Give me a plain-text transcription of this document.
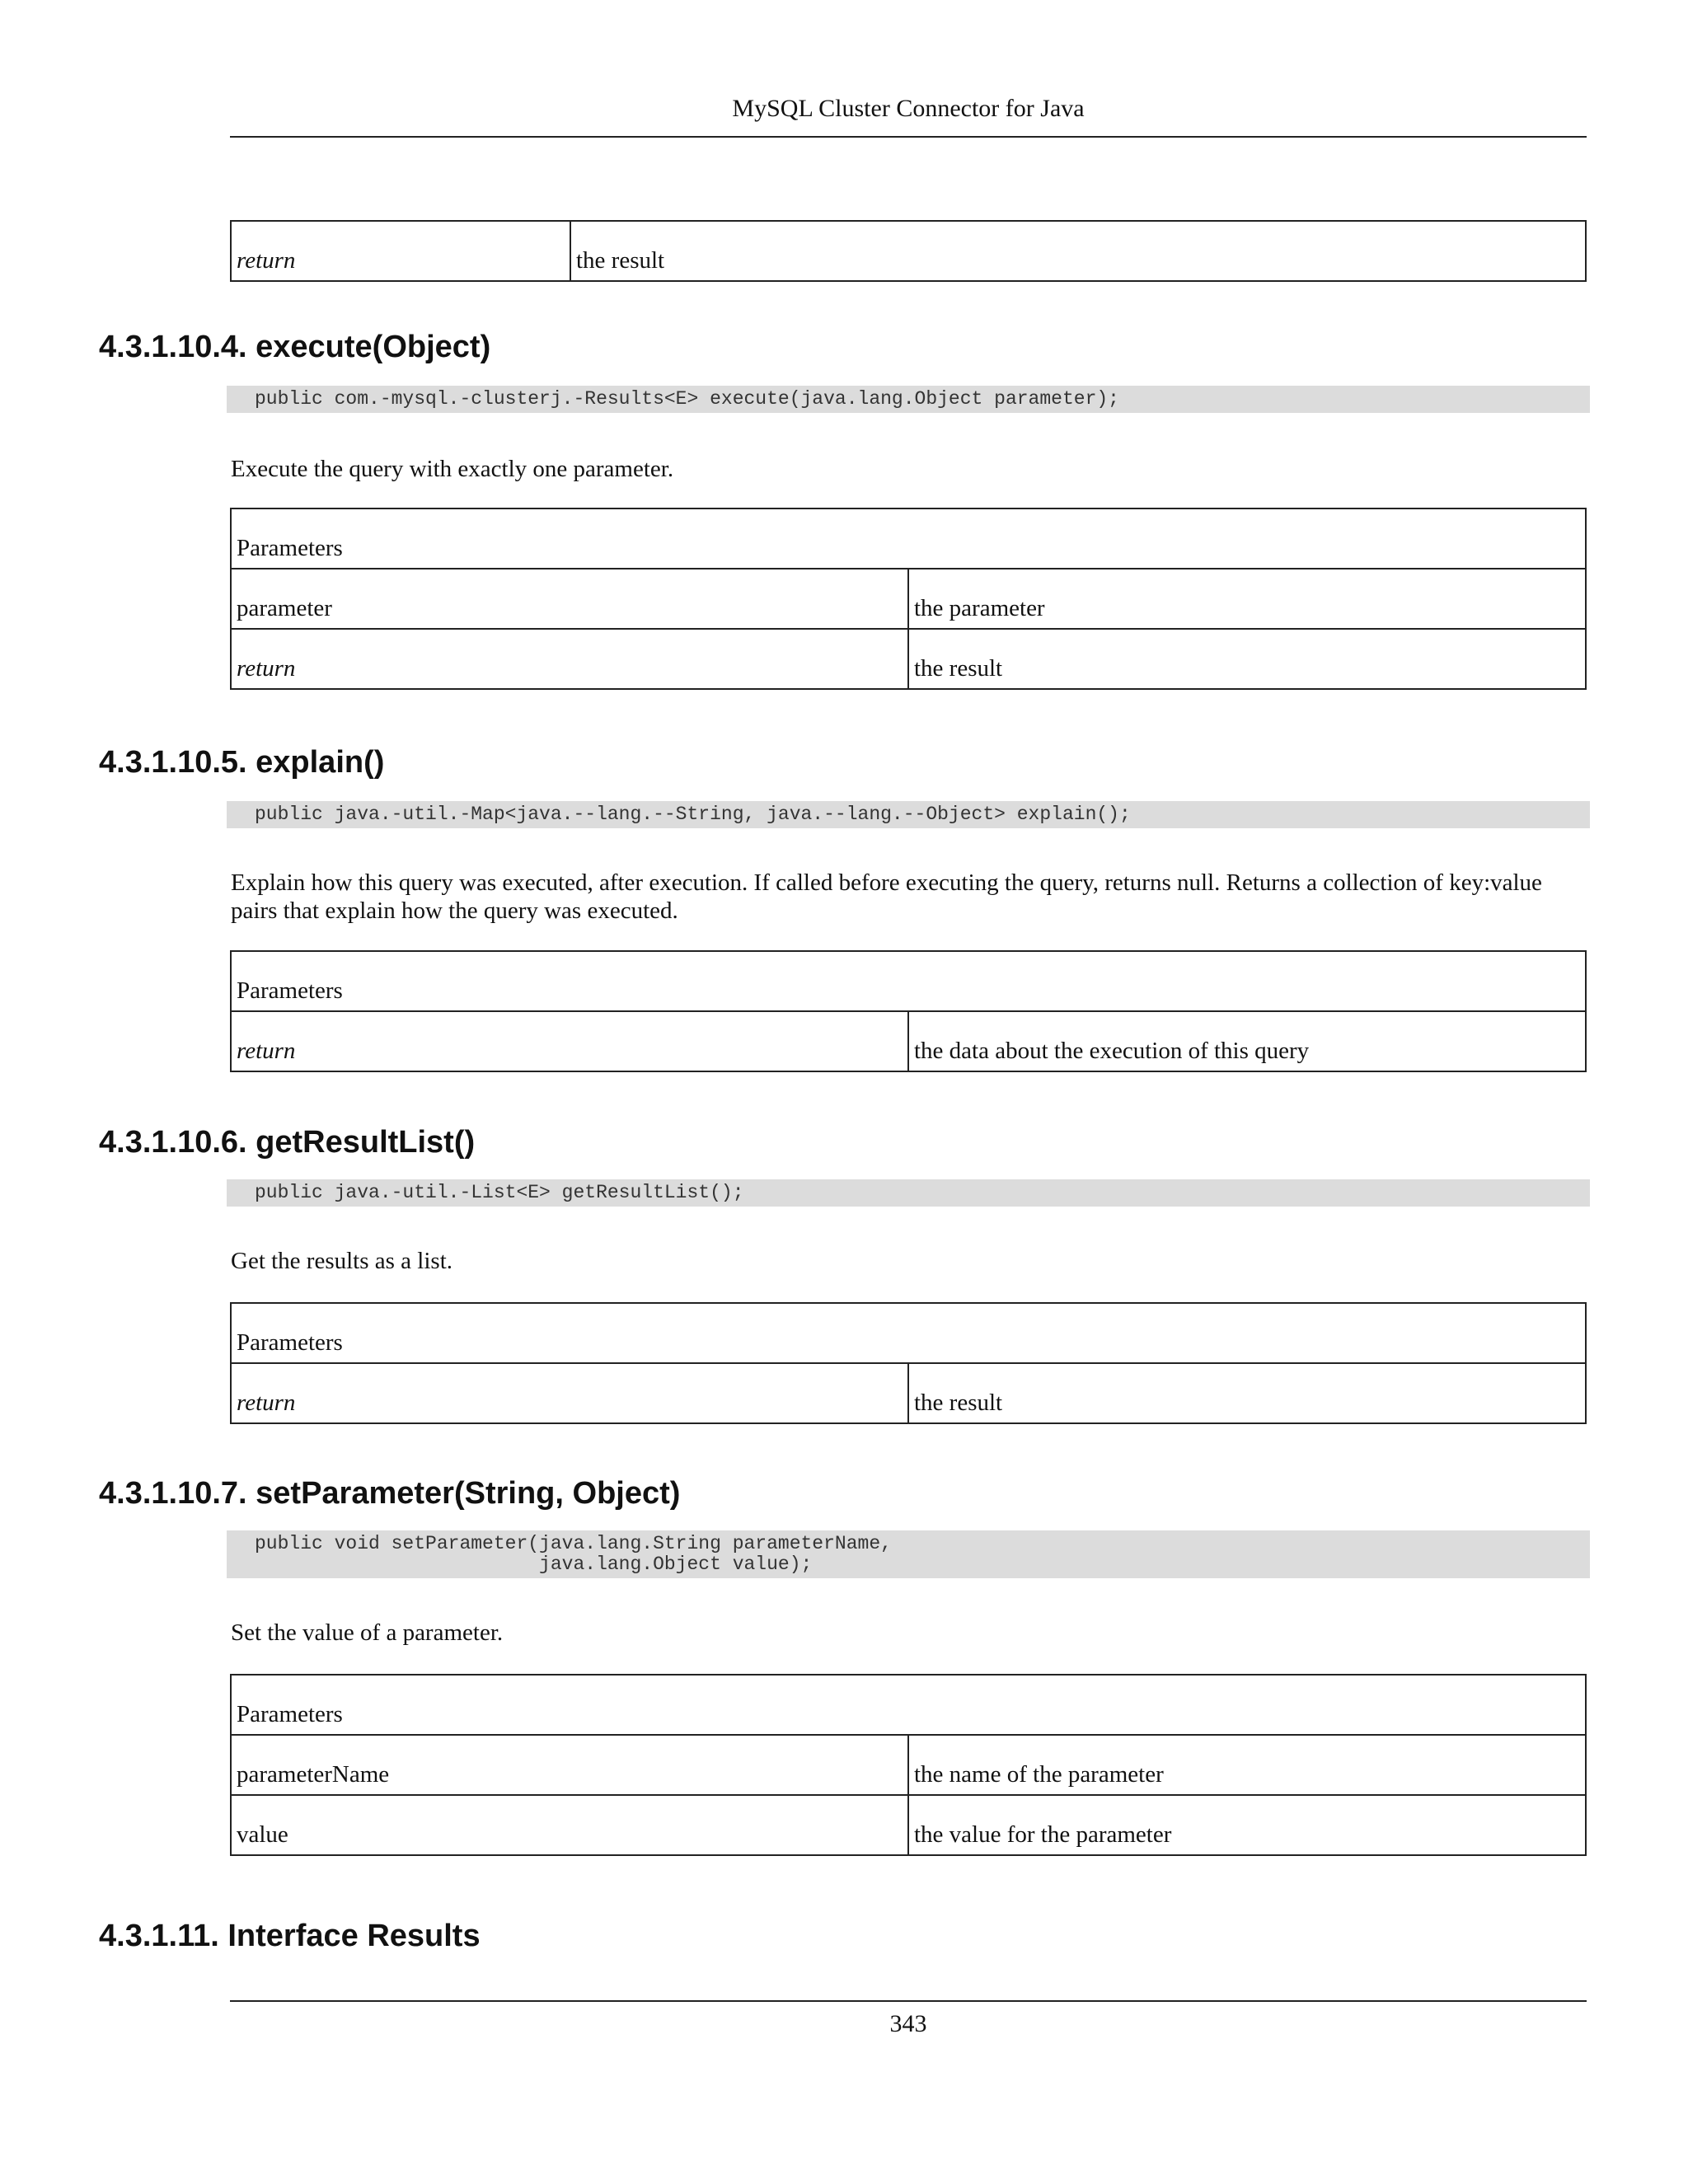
MySQL Cluster Connector for Java
return	the result
4.3.1.10.4. execute(Object)
public com.-mysql.-clusterj.-Results<E> execute(java.lang.Object parameter);

Execute the query with exactly one parameter.

Parameters	
parameter	the parameter
return	the result
4.3.1.10.5. explain()
public java.-util.-Map<java.--lang.--String, java.--lang.--Object> explain();

Explain how this query was executed, after execution. If called before executing the query, returns null. Returns a collection of key:value pairs that explain how the query was executed.

Parameters
return	the data about the execution of this query
4.3.1.10.6. getResultList()
public java.-util.-List<E> getResultList();

Get the results as a list.

Parameters
return	the result
4.3.1.10.7. setParameter(String, Object)
public void setParameter(java.lang.String parameterName,
java.lang.Object value);

Set the value of a parameter.

Parameters	
parameterName	the name of the parameter
value	the value for the parameter
4.3.1.11. Interface Results
343
